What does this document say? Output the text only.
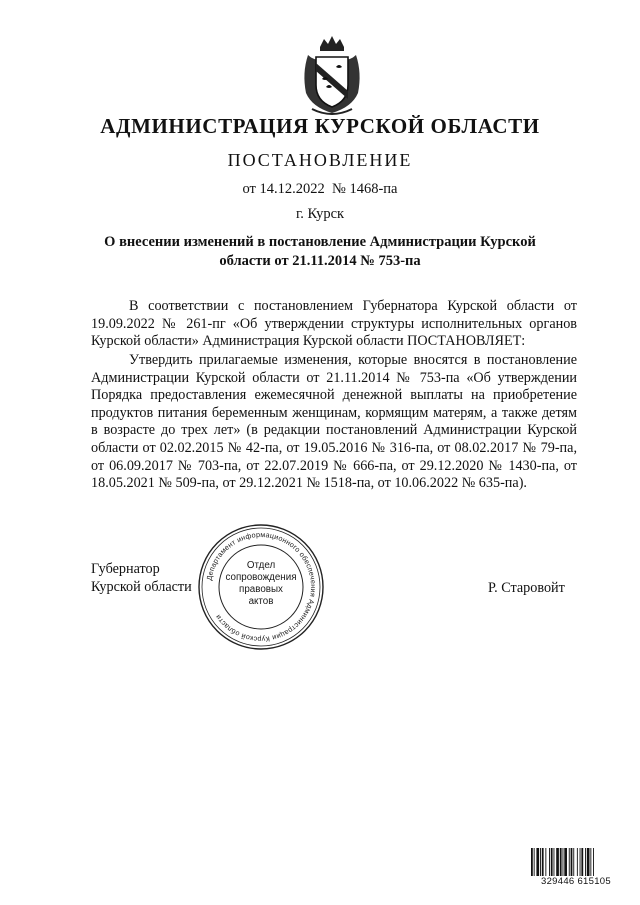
АДМИНИСТРАЦИЯ КУРСКОЙ ОБЛАСТИ
ПОСТАНОВЛЕНИЕ
от 14.12.2022  № 1468-па
г. Курск
О внесении изменений в постановление Администрации Курской
области от 21.11.2014 № 753-па
В соответствии с постановлением Губернатора Курской области от 19.09.2022 № 261-пг «Об утверждении структуры исполнительных органов Курской области» Администрация Курской области ПОСТАНОВЛЯЕТ:
Утвердить прилагаемые изменения, которые вносятся в постановление Администрации Курской области от 21.11.2014 № 753-па «Об утверждении Порядка предоставления ежемесячной денежной выплаты на приобретение продуктов питания беременным женщинам, кормящим матерям, а также детям в возрасте до трех лет» (в редакции постановлений Администрации Курской области от 02.02.2015 № 42-па, от 19.05.2016 № 316-па, от 08.02.2017 № 79-па, от 06.09.2017 № 703-па, от 22.07.2019 № 666-па, от 29.12.2020 № 1430-па, от 18.05.2021 № 509-па, от 29.12.2021 № 1518-па, от 10.06.2022 № 635-па).
Губернатор
Курской области	Р. Старовойт
Департамент информационного обеспечения Администрации Курской области
Отдел
сопровождения
правовых
актов
329446 615105
